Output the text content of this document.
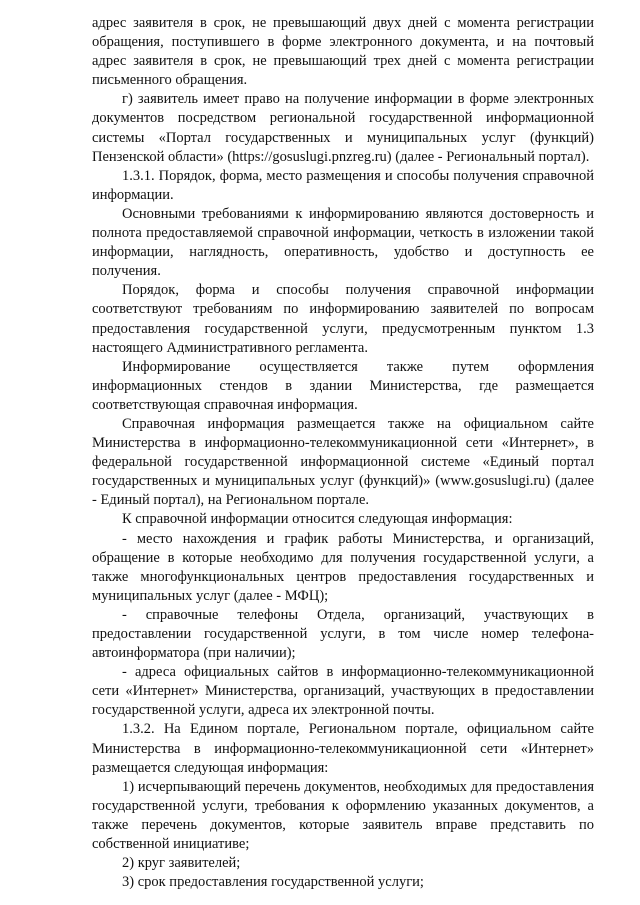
адрес заявителя в срок, не превышающий двух дней с момента регистрации обращения, поступившего в форме электронного документа, и на почтовый адрес заявителя в срок, не превышающий трех дней с момента регистрации письменного обращения.

г) заявитель имеет право на получение информации в форме электронных документов посредством региональной государственной информационной системы «Портал государственных и муниципальных услуг (функций) Пензенской области» (https://gosuslugi.pnzreg.ru) (далее - Региональный портал).

1.3.1. Порядок, форма, место размещения и способы получения справочной информации.

Основными требованиями к информированию являются достоверность и полнота предоставляемой справочной информации, четкость в изложении такой информации, наглядность, оперативность, удобство и доступность ее получения.

Порядок, форма и способы получения справочной информации соответствуют требованиям по информированию заявителей по вопросам предоставления государственной услуги, предусмотренным пунктом 1.3 настоящего Административного регламента.

Информирование осуществляется также путем оформления информационных стендов в здании Министерства, где размещается соответствующая справочная информация.

Справочная информация размещается также на официальном сайте Министерства в информационно-телекоммуникационной сети «Интернет», в федеральной государственной информационной системе «Единый портал государственных и муниципальных услуг (функций)» (www.gosuslugi.ru) (далее - Единый портал), на Региональном портале.

К справочной информации относится следующая информация:

- место нахождения и график работы Министерства, и организаций, обращение в которые необходимо для получения государственной услуги, а также многофункциональных центров предоставления государственных и муниципальных услуг (далее - МФЦ);

- справочные телефоны Отдела, организаций, участвующих в предоставлении государственной услуги, в том числе номер телефона-автоинформатора (при наличии);

- адреса официальных сайтов в информационно-телекоммуникационной сети «Интернет» Министерства, организаций, участвующих в предоставлении государственной услуги, адреса их электронной почты.

1.3.2. На Едином портале, Региональном портале, официальном сайте Министерства в информационно-телекоммуникационной сети «Интернет» размещается следующая информация:

1) исчерпывающий перечень документов, необходимых для предоставления государственной услуги, требования к оформлению указанных документов, а также перечень документов, которые заявитель вправе представить по собственной инициативе;

2) круг заявителей;

3) срок предоставления государственной услуги;
